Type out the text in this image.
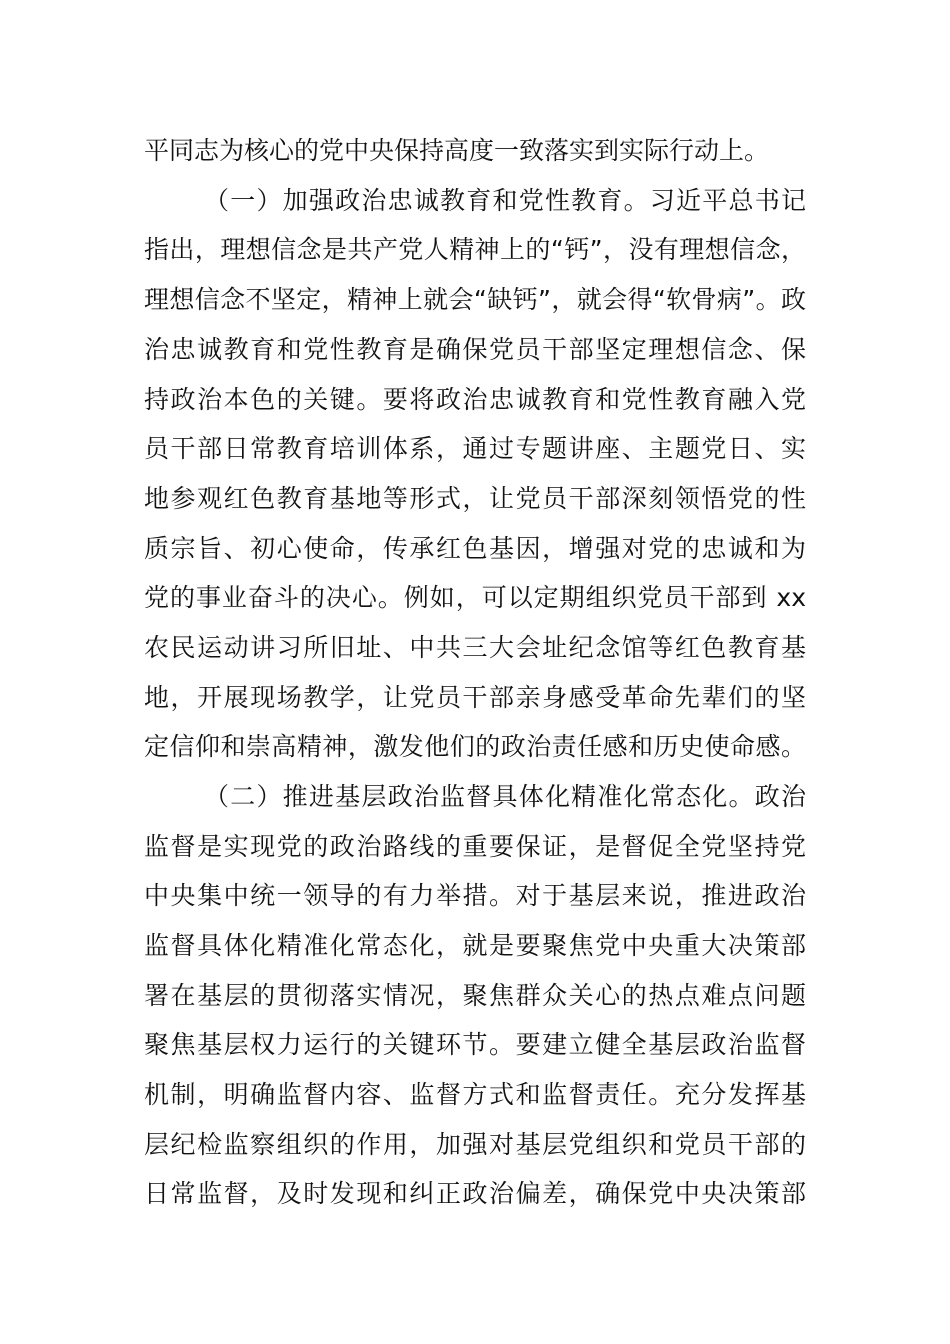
平同志为核心的党中央保持高度一致落实到实际行动上。
（一）加强政治忠诚教育和党性教育。习近平总书记
指出，理想信念是共产党人精神上的“钙”，没有理想信念，
理想信念不坚定，精神上就会“缺钙”，就会得“软骨病”。政
治忠诚教育和党性教育是确保党员干部坚定理想信念、保
持政治本色的关键。要将政治忠诚教育和党性教育融入党
员干部日常教育培训体系，通过专题讲座、主题党日、实
地参观红色教育基地等形式，让党员干部深刻领悟党的性
质宗旨、初心使命，传承红色基因，增强对党的忠诚和为
党的事业奋斗的决心。例如，可以定期组织党员干部到 xx
农民运动讲习所旧址、中共三大会址纪念馆等红色教育基
地，开展现场教学，让党员干部亲身感受革命先辈们的坚
定信仰和崇高精神，激发他们的政治责任感和历史使命感。
（二）推进基层政治监督具体化精准化常态化。政治
监督是实现党的政治路线的重要保证，是督促全党坚持党
中央集中统一领导的有力举措。对于基层来说，推进政治
监督具体化精准化常态化，就是要聚焦党中央重大决策部
署在基层的贯彻落实情况，聚焦群众关心的热点难点问题
聚焦基层权力运行的关键环节。要建立健全基层政治监督
机制，明确监督内容、监督方式和监督责任。充分发挥基
层纪检监察组织的作用，加强对基层党组织和党员干部的
日常监督，及时发现和纠正政治偏差，确保党中央决策部
